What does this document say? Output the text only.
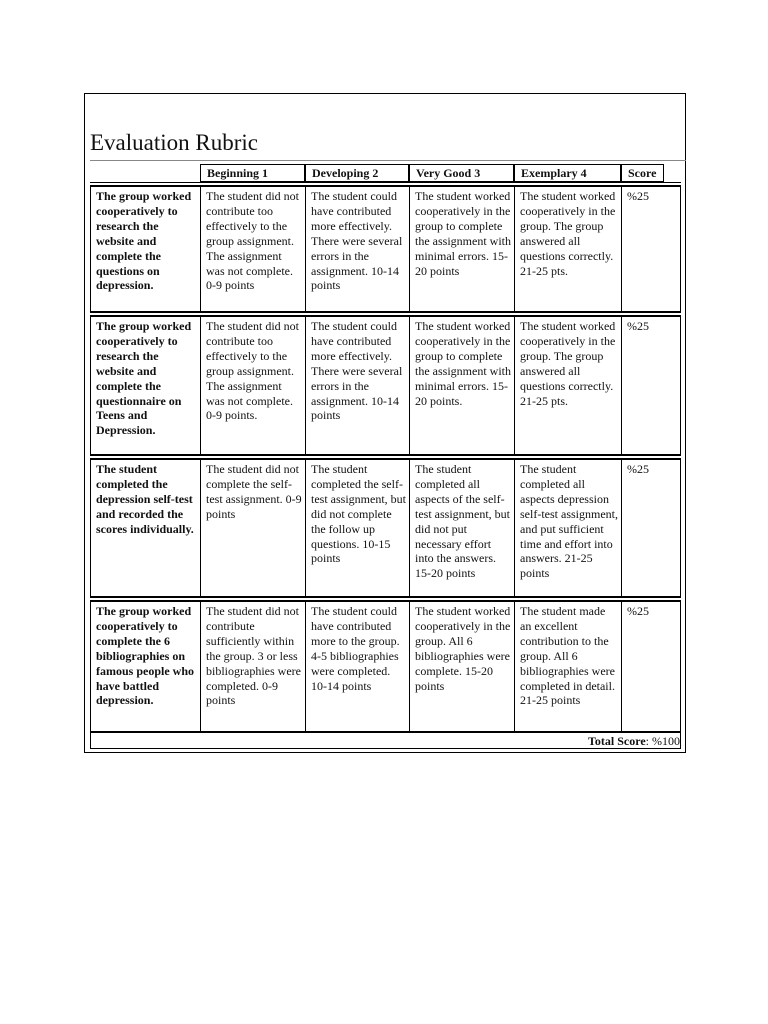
Evaluation Rubric
Beginning 1	Developing 2	Very Good 3	Exemplary 4	Score
The group worked cooperatively to research the website and complete the questions on depression.
The student did not contribute too effectively to the group assignment. The assignment was not complete. 0-9 points
The student could have contributed more effectively. There were several errors in the assignment. 10-14 points
The student worked cooperatively in the group to complete the assignment with minimal errors. 15-20 points
The student worked cooperatively in the group. The group answered all questions correctly. 21-25 pts.
%25
The group worked cooperatively to research the website and complete the questionnaire on Teens and Depression.
The student did not contribute too effectively to the group assignment. The assignment was not complete. 0-9 points.
The student could have contributed more effectively. There were several errors in the assignment. 10-14 points
The student worked cooperatively in the group to complete the assignment with minimal errors. 15-20 points.
The student worked cooperatively in the group. The group answered all questions correctly. 21-25 pts.
%25
The student completed the depression self-test and recorded the scores individually.
The student did not complete the self-test assignment. 0-9 points
The student completed the self-test assignment, but did not complete the follow up questions. 10-15 points
The student completed all aspects of the self-test assignment, but did not put necessary effort into the answers. 15-20 points
The student completed all aspects depression self-test assignment, and put sufficient time and effort into answers. 21-25 points
%25
The group worked cooperatively to complete the 6 bibliographies on famous people who have battled depression.
The student did not contribute sufficiently within the group. 3 or less bibliographies were completed. 0-9 points
The student could have contributed more to the group. 4-5 bibliographies were completed. 10-14 points
The student worked cooperatively in the group. All 6 bibliographies were complete. 15-20 points
The student made an excellent contribution to the group. All 6 bibliographies were completed in detail. 21-25 points
%25
Total Score: %100
